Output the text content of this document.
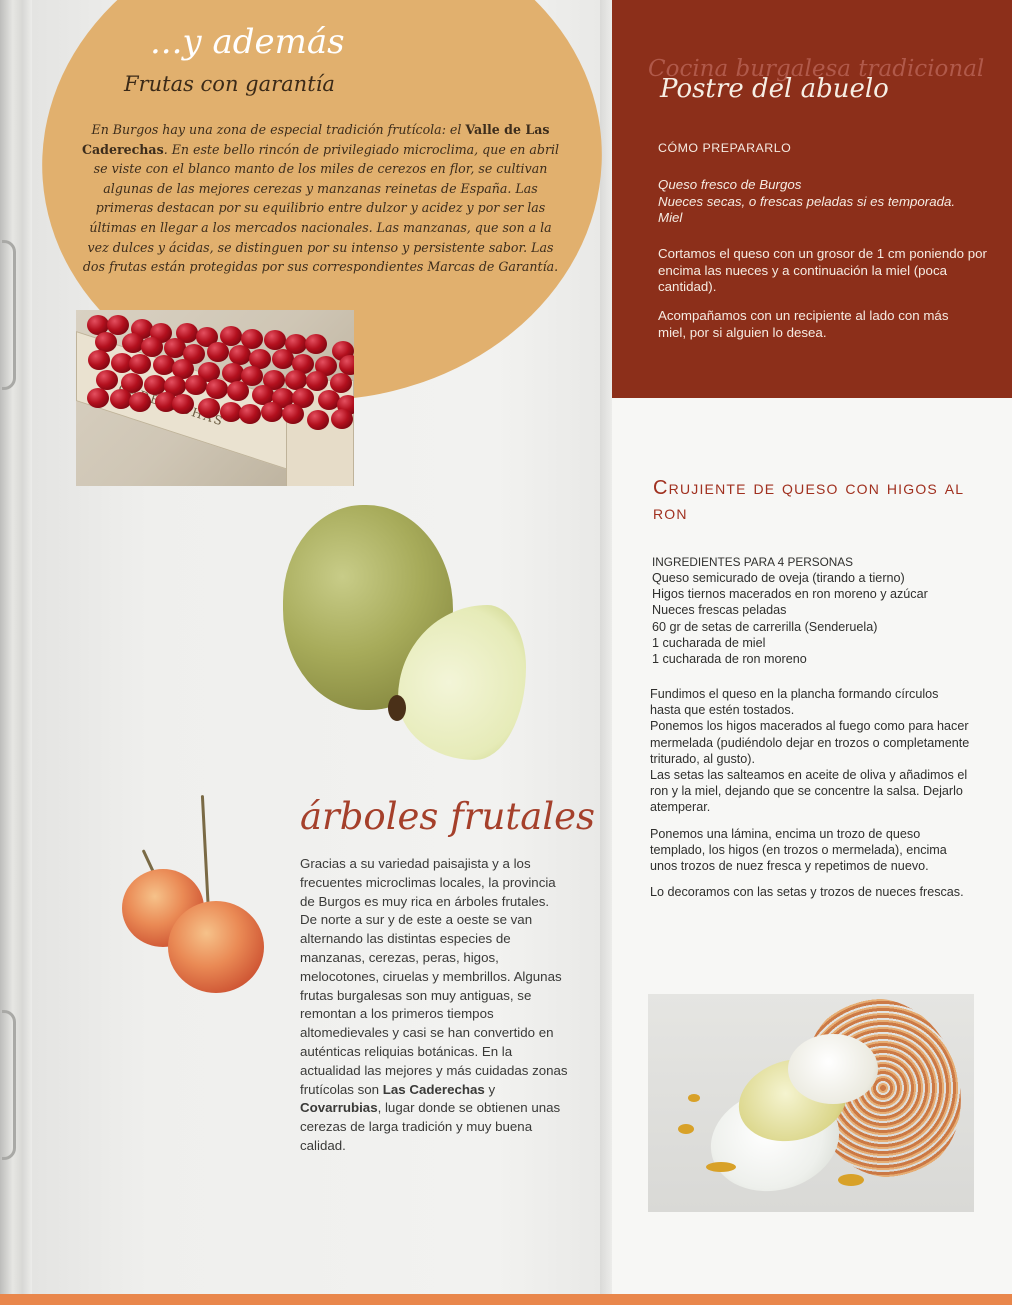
...y además
Frutas con garantía

En Burgos hay una zona de especial tradición frutícola: el Valle de Las Caderechas. En este bello rincón de privilegiado microclima, que en abril se viste con el blanco manto de los miles de cerezos en flor, se cultivan algunas de las mejores cerezas y manzanas reinetas de España. Las primeras destacan por su equilibrio entre dulzor y acidez y por ser las últimas en llegar a los mercados nacionales. Las manzanas, que son a la vez dulces y ácidas, se distinguen por su intenso y persistente sabor. Las dos frutas están protegidas por sus correspondientes Marcas de Garantía.

árboles frutales

Gracias a su variedad paisajista y a los frecuentes microclimas locales, la provincia de Burgos es muy rica en árboles frutales. De norte a sur y de este a oeste se van alternando las distintas especies de manzanas, cerezas, peras, higos, melocotones, ciruelas y membrillos. Algunas frutas burgalesas son muy antiguas, se remontan a los primeros tiempos altomedievales y casi se han convertido en auténticas reliquias botánicas. En la actualidad las mejores y más cuidadas zonas frutícolas son Las Caderechas y Covarrubias, lugar donde se obtienen unas cerezas de larga tradición y muy buena calidad.

Cocina burgalesa tradicional
Postre del abuelo
CÓMO PREPARARLO
Queso fresco de Burgos
Nueces secas, o frescas peladas si es temporada.
Miel

Cortamos el queso con un grosor de 1 cm poniendo por encima las nueces y a continuación la miel (poca cantidad).

Acompañamos con un recipiente al lado con más miel, por si alguien lo desea.

Crujiente de queso con higos al ron
INGREDIENTES PARA 4 PERSONAS
Queso semicurado de oveja (tirando a tierno)
Higos tiernos macerados en ron moreno y azúcar
Nueces frescas peladas
60 gr de setas de carrerilla (Senderuela)
1 cucharada de miel
1 cucharada de ron moreno
Fundimos el queso en la plancha formando círculos hasta que estén tostados.
Ponemos los higos macerados al fuego como para hacer mermelada (pudiéndolo dejar en trozos o completamente triturado, al gusto).
Las setas las salteamos en aceite de oliva y añadimos el ron y la miel, dejando que se concentre la salsa. Dejarlo atemperar.

Ponemos una lámina, encima un trozo de queso templado, los higos (en trozos o mermelada), encima unos trozos de nuez fresca y repetimos de nuevo.

Lo decoramos con las setas y trozos de nueces frescas.
